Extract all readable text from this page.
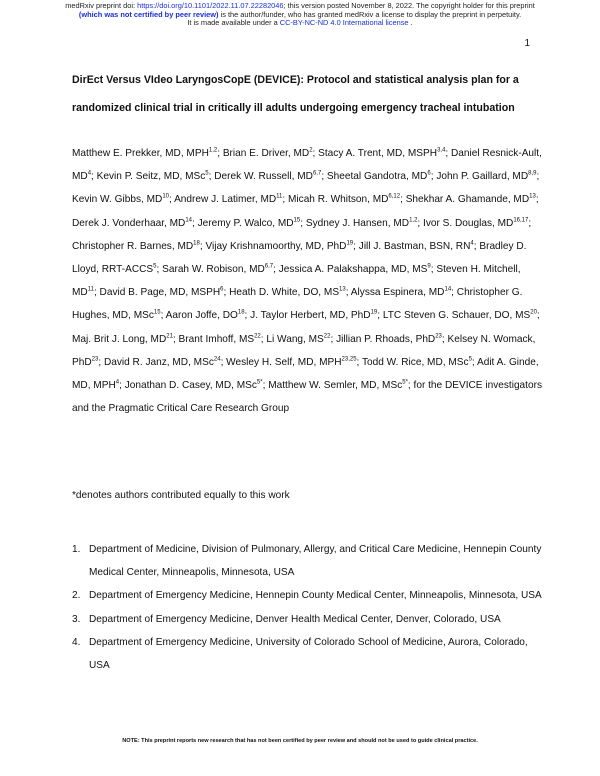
medRxiv preprint doi: https://doi.org/10.1101/2022.11.07.22282046; this version posted November 8, 2022. The copyright holder for this preprint
(which was not certified by peer review) is the author/funder, who has granted medRxiv a license to display the preprint in perpetuity.
It is made available under a CC-BY-NC-ND 4.0 International license .
1
DirEct Versus VIdeo LaryngosCopE (DEVICE): Protocol and statistical analysis plan for a randomized clinical trial in critically ill adults undergoing emergency tracheal intubation
Matthew E. Prekker, MD, MPH$^{1,2}$; Brian E. Driver, $MD^2$; Stacy A. Trent, MD, MSPH$^{3,4}$; Daniel Resnick-Ault, $MD^4$; Kevin P. Seitz, MD, MSc$^5$; Derek W. Russell, MD$^{6,7}$; Sheetal Gandotra, $MD^6$; John P. Gaillard, MD$^{8,9}$; Kevin W. Gibbs, MD$^{10}$; Andrew J. Latimer, MD$^{11}$; Micah R. Whitson, MD$^{6,12}$; Shekhar A. Ghamande, MD$^{13}$; Derek J. Vonderhaar, MD$^{14}$; Jeremy P. Walco, MD$^{15}$; Sydney J. Hansen, MD$^{1,2}$; Ivor S. Douglas, MD$^{16,17}$; Christopher R. Barnes, MD$^{18}$; Vijay Krishnamoorthy, MD, PhD$^{19}$; Jill J. Bastman, BSN, $RN^4$; Bradley D. Lloyd, RRT-ACCS$^5$; Sarah W. Robison, MD$^{6,7}$; Jessica A. Palakshappa, MD, $MS^9$; Steven H. Mitchell, MD$^{11}$; David B. Page, MD, MSPH$^6$; Heath D. White, DO, MS$^{13}$; Alyssa Espinera, MD$^{14}$; Christopher G. Hughes, MD, MSc$^{15}$; Aaron Joffe, DO$^{18}$; J. Taylor Herbert, MD, PhD$^{19}$; LTC Steven G. Schauer, DO, MS$^{20}$; Maj. Brit J. Long, MD$^{21}$; Brant Imhoff, MS$^{22}$; Li Wang, MS$^{22}$; Jillian P. Rhoads, PhD$^{23}$; Kelsey N. Womack, PhD$^{23}$; David R. Janz, MD, MSc$^{24}$; Wesley H. Self, MD, MPH$^{23,25}$; Todd W. Rice, MD, MSc$^5$; Adit A. Ginde, MD, MPH$^4$; Jonathan D. Casey, MD, MSc$^{5*}$; Matthew W. Semler, MD, MSc$^{5*}$; for the DEVICE investigators and the Pragmatic Critical Care Research Group
*denotes authors contributed equally to this work
1. Department of Medicine, Division of Pulmonary, Allergy, and Critical Care Medicine, Hennepin County Medical Center, Minneapolis, Minnesota, USA
2. Department of Emergency Medicine, Hennepin County Medical Center, Minneapolis, Minnesota, USA
3. Department of Emergency Medicine, Denver Health Medical Center, Denver, Colorado, USA
4. Department of Emergency Medicine, University of Colorado School of Medicine, Aurora, Colorado, USA
NOTE: This preprint reports new research that has not been certified by peer review and should not be used to guide clinical practice.
